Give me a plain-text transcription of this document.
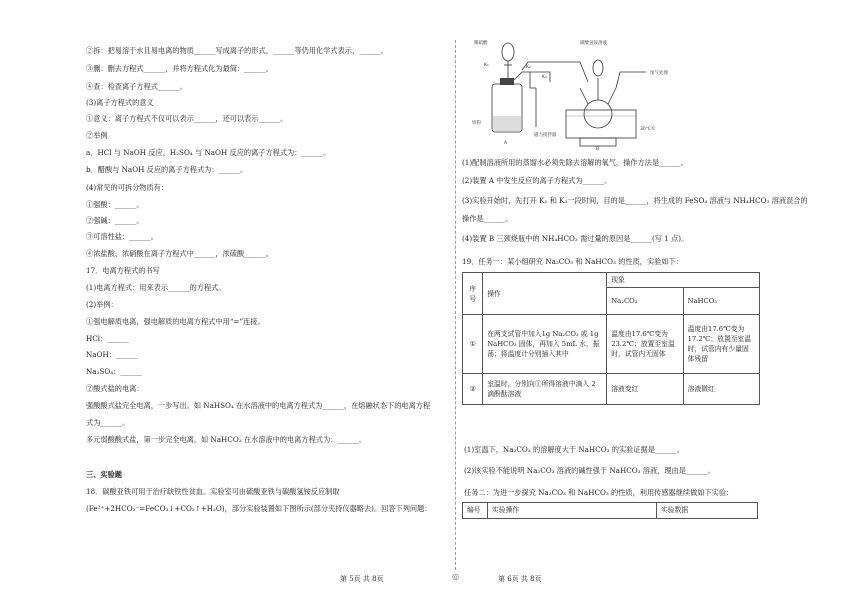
②拆：把易溶于水且易电离的物质______写成离子的形式，______等仍用化学式表示，______。
③删：删去方程式______，并将方程式化为最简：______。
④查：检查离子方程式______。
(3)离子方程式的意义
①意义：离子方程式不仅可以表示______，还可以表示______。
②举例
a．HCl 与 NaOH 反应，H₂SO₄ 与 NaOH 反应的离子方程式为：______。
b．醋酸与 NaOH 反应的离子方程式为：______。
(4)常见的可拆分物质有：
①强酸：______。
②强碱：______。
③可溶性盐：______。
④浓盐酸、浓硝酸在离子方程式中______，浓硫酸______。
17．电离方程式的书写
(1)电离方程式：用来表示______的方程式。
(2)举例：
①强电解质电离，强电解质的电离方程式中用“=”连接。
HCl：______
NaOH：______
Na₂SO₄：______
②酸式盐的电离：
强酸酸式盐完全电离，一步写出。如 NaHSO₄ 在水溶液中的电离方程式为______，在熔融状态下的电离方程
式为______。
多元弱酸酸式盐，第一步完全电离。如 NaHCO₃ 在水溶液中的电离方程式为：______。
三、实验题
18．碳酸亚铁可用于治疗缺铁性贫血。实验室可由硫酸亚铁与碳酸氢铵反应制取
(Fe²⁺+2HCO₃⁻=FeCO₃↓+CO₂↑+H₂O)，部分实验装置如下图所示(部分夹持仪器略去)。回答下列问题：
稀硫酸
K₁	K₂
K₃
铁粉
A
B
磁力搅拌器
碳酸氢铵溶液
尾气处理
30℃水
(1)配制溶液所用的蒸馏水必须先除去溶解的氧气，操作方法是______。
(2)装置 A 中发生反应的离子方程式为______。
(3)实验开始时，先打开 K₁ 和 K₃一段时间，目的是______，将生成的 FeSO₄ 溶液与 NH₄HCO₃ 溶液混合的
操作是______。
(4)装置 B 三颈烧瓶中的 NH₄HCO₃ 需过量的原因是______(写 1 点)。
19．任务一：某小组研究 Na₂CO₃ 和 NaHCO₃ 的性质，实验如下：
序号	操作	现象	
		Na₂CO₃	NaHCO₃
①	在两支试管中加入1g Na₂CO₃ 或 1g NaHCO₃ 固体，再加入 5mL 水，振荡；将温度计分别插入其中	温度由17.6℃变为23.2℃；放置至室温时，试管内无固体	温度由17.6℃变为17.2℃；放置至室温时，试管内有少量固体残留
②	室温时，分别向①所得溶液中滴入 2 滴酚酞溶液	溶液变红	溶液微红
(1)室温下，Na₂CO₃ 的溶解度大于 NaHCO₃ 的实验证据是______。
(2)该实验不能说明 Na₂CO₃ 溶液的碱性强于 NaHCO₃ 溶液，理由是______。
任务二：为进一步探究 Na₂CO₃ 和 NaHCO₃ 的性质，利用传感器继续做如下实验：
编号	实验操作	实验数据
第 5页 共 8页	◎	第 6页 共 8页
